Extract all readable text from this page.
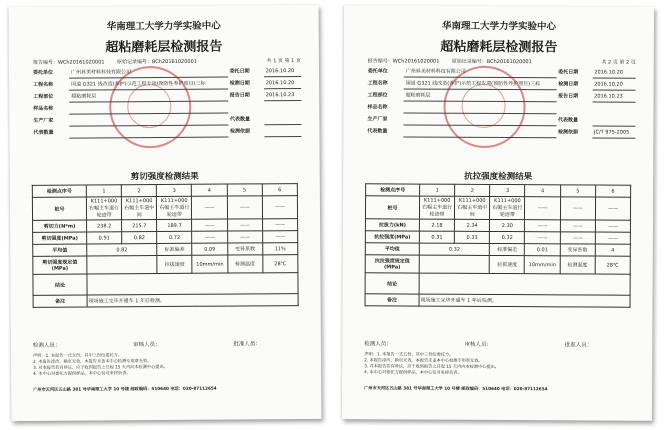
华南理工大学力学实验中心
超粘磨耗层检测报告
报告编号：WCh20161020001 原始记录编号：BCh20161020001	共 1 页 第 1 页
委托单位	广州昇美材料科技有限公司	委托日期	2016.10.20
工程名称	国道 G321 线改造(养护)示范工程专项(预防性养护项目)三标	检测日期	2016.10.20
工程部位	超粘磨耗层	报告日期	2016.10.23
样品名称			
生产厂家		代表数量	
代表数量		检测依据	
剪切强度检测结果
检测点序号	1	2	3	4	5	6
桩号	K111+000 右幅主车道行轮迹带	K111+000 右幅主车道中间	K111+000 右幅主车道行轮迹带	——	——	——
剪切力(N*m)	238.2	215.7	189.7	——	——	——
剪切强度(MPa)	0.91	0.82	0.72	——	——	——
平均值	0.82		标准偏差	0.09	变异系数	11%
剪切强度规定值 (MPa)			拉拔速度	10mm/min	检测温度	28℃
结论						
备注	现场施工完毕开通车 1 年后检测。					
检测人员：	审核人员：	批准人员：
声明：1. 本报告一式五份，其中三份给委托方。
2. 本报告涂改、换页无效，本报告未盖本中心检测专用章无效。
3. 对本报告若有异议，应于收到报告之日起 15 天内向本检测中心提出。
4. 本中心对委托方提供样品，本中心仅对来样负责。
广州市天河区五山路 381 号华南理工大学 10 号楼 邮政编码：510640 电话：020-87112654
华南理工大学力学实验中心
超粘磨耗层检测报告
报告编号：WCh20161020001 原始记录编号：BCh20161020001	共 2 页 第 2 页
委托单位	广州昇美材料科技有限公司	委托日期	2016.10.20
工程名称	国道 G321 线改造(养护)示范工程专项(预防性养护项目)三标	检测日期	2016.10.20
工程部位	超粘磨耗层	报告日期	2016.10.23
样品名称			
生产厂家		代表数量	
代表数量		检测依据	JC/T 975-2005
抗拉强度检测结果
检测点序号	1	2	3	4	5	6
桩号	K111+000 右幅主车道行轮迹带	K111+000 右幅主车道中间	K111+000 右幅主车道行轮迹带	——	——	——
拉拔力(kN)	2.18	2.34	2.30	——	——	——
抗拉强度(MPa)	0.31	0.33	0.32	——	——	——
平均值	0.32		标准偏差	0.01	变异系数	4
抗拉强度规定值 (MPa)			拉拔速度	10mm/min	检测温度	28℃
结论						
备注	现场施工完毕开通车 1 年后检测。					
检测人员：	审核人员：	批准人员：
声明：1. 本报告一式五份，其中三份给委托方。
2. 本报告涂改、换页无效，本报告未盖本中心检测专用章无效。
3. 对本报告若有异议，应于收到报告之日起 15 天内向本检测中心提出。
4. 本中心对委托方提供样品，本中心仅对来样负责。
广州市天河区五山路 381 号华南理工大学 10 号楼 邮政编码：510640 电话：020-87112654
